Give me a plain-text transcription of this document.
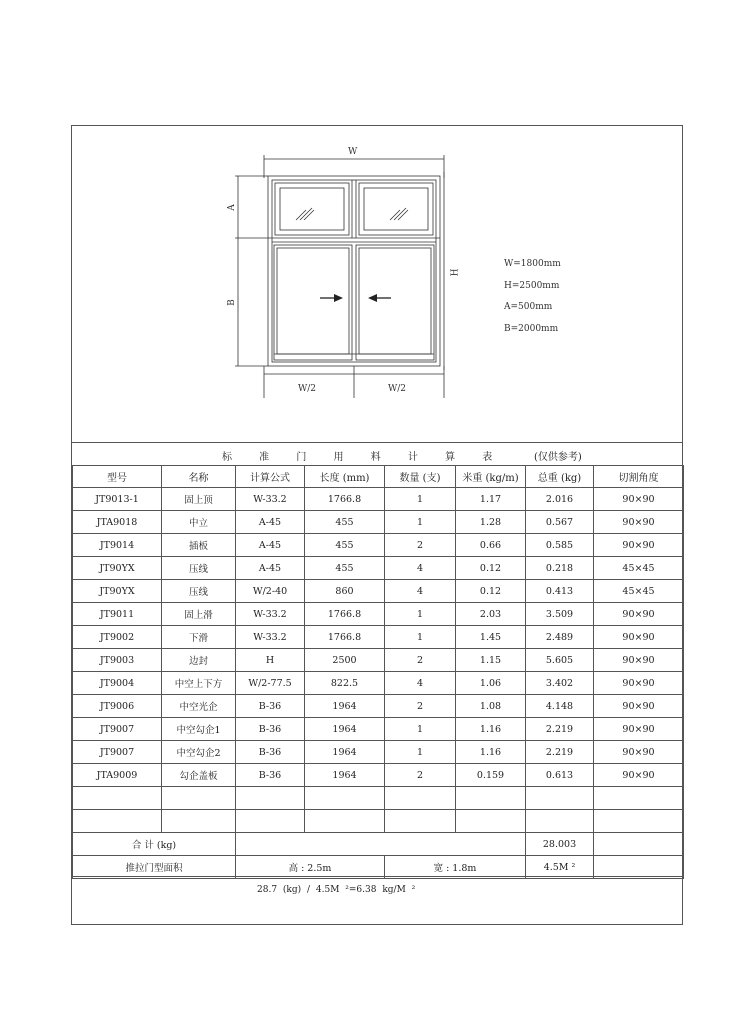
W
A
B
H
W/2	W/2
W=1800mm
H=2500mm
A=500mm
B=2000mm
标 准 门 用 料 计 算 表	(仅供参考)
型号	名称	计算公式	长度 (mm)	数量 (支)	米重 (kg/m)	总重 (kg)	切割角度
JT9013-1	固上顶	W-33.2	1766.8	1	1.17	2.016	90×90
JTA9018	中立	A-45	455	1	1.28	0.567	90×90
JT9014	插板	A-45	455	2	0.66	0.585	90×90
JT90YX	压线	A-45	455	4	0.12	0.218	45×45
JT90YX	压线	W/2-40	860	4	0.12	0.413	45×45
JT9011	固上滑	W-33.2	1766.8	1	2.03	3.509	90×90
JT9002	下滑	W-33.2	1766.8	1	1.45	2.489	90×90
JT9003	边封	H	2500	2	1.15	5.605	90×90
JT9004	中空上下方	W/2-77.5	822.5	4	1.06	3.402	90×90
JT9006	中空光企	B-36	1964	2	1.08	4.148	90×90
JT9007	中空勾企1	B-36	1964	1	1.16	2.219	90×90
JT9007	中空勾企2	B-36	1964	1	1.16	2.219	90×90
JTA9009	勾企盖板	B-36	1964	2	0.159	0.613	90×90

合 计 (kg)						28.003	
推拉门型面积		高 : 2.5m		宽 : 1.8m		4.5M ²	
28.7 (kg) / 4.5M ²=6.38 kg/M ²
